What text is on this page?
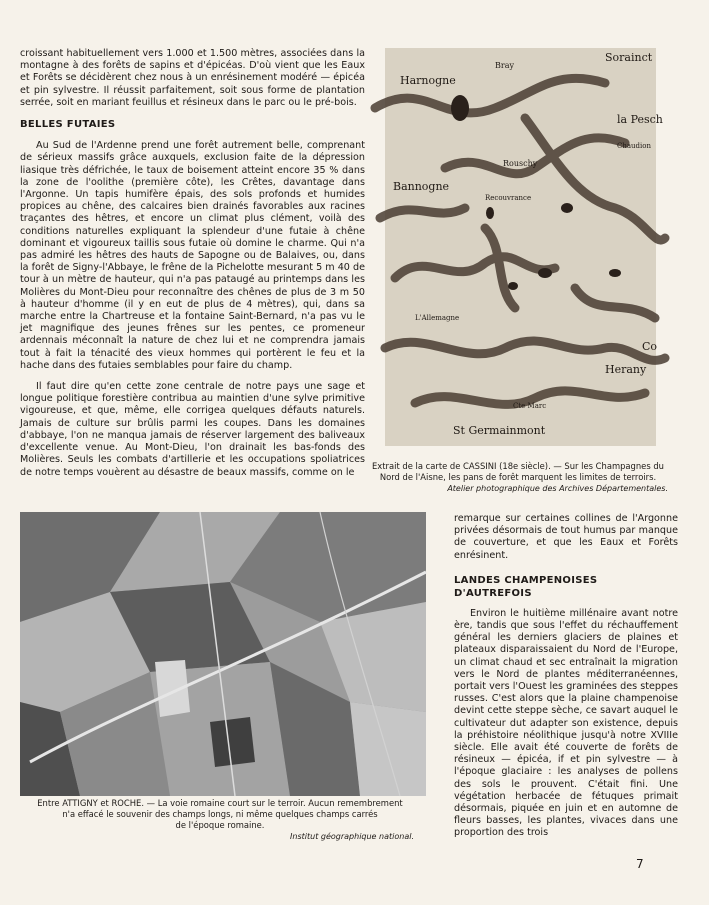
croissant habituellement vers 1.000 et 1.500 mètres, associées dans la montagne à des forêts de sapins et d'épicéas. D'où vient que les Eaux et Forêts se décidèrent chez nous à un enrésinement modéré — épicéa et pin sylvestre. Il réussit parfaitement, soit sous forme de plantation serrée, soit en mariant feuillus et résineux dans le parc ou le pré-bois.

BELLES FUTAIES

Au Sud de l'Ardenne prend une forêt autrement belle, comprenant de sérieux massifs grâce auxquels, exclusion faite de la dépression liasique très défrichée, le taux de boisement atteint encore 35 % dans la zone de l'oolithe (première côte), les Crêtes, davantage dans l'Argonne. Un tapis humifère épais, des sols profonds et humides propices au chêne, des calcaires bien drainés favorables aux racines traçantes des hêtres, et encore un climat plus clément, voilà des conditions naturelles expliquant la splendeur d'une futaie à chêne dominant et vigoureux taillis sous futaie où domine le charme. Qui n'a pas admiré les hêtres des hauts de Sapogne ou de Balaives, ou, dans la forêt de Signy-l'Abbaye, le frêne de la Pichelotte mesurant 5 m 40 de tour à un mètre de hauteur, qui n'a pas pataugé au printemps dans les Molières du Mont-Dieu pour reconnaître des chênes de plus de 3 m 50 à hauteur d'homme (il y en eut de plus de 4 mètres), qui, dans sa marche entre la Chartreuse et la fontaine Saint-Bernard, n'a pas vu le jet magnifique des jeunes frênes sur les pentes, ce promeneur ardennais méconnaît la nature de chez lui et ne comprendra jamais tout à fait la ténacité des vieux hommes qui portèrent le feu et la hache dans des futaies semblables pour faire du champ.

Il faut dire qu'en cette zone centrale de notre pays une sage et longue politique forestière contribua au maintien d'une sylve primitive vigoureuse, et que, même, elle corrigea quelques défauts naturels. Jamais de culture sur brûlis parmi les coupes. Dans les domaines d'abbaye, l'on ne manqua jamais de réserver largement des baliveaux d'excellente venue. Au Mont-Dieu, l'on drainait les bas-fonds des Molières. Seuls les combats d'artillerie et les occupations spoliatrices de notre temps vouèrent au désastre de beaux massifs, comme on le

Sorainct
Harnogne
Bray
la Pesch
Chaudion
Bannogne
Recouvrance
Rouschy
L'Allemagne
Co
Herany
Cte Marc
St Germainmont
Extrait de la carte de CASSINI (18e siècle). — Sur les Champagnes du Nord de l'Aisne, les pans de forêt marquent les limites de terroirs.
Atelier photographique des Archives Départementales.
Entre ATTIGNY et ROCHE. — La voie romaine court sur le terroir. Aucun remembrement
n'a effacé le souvenir des champs longs, ni même quelques champs carrés
de l'époque romaine.
Institut géographique national.

remarque sur certaines collines de l'Argonne privées désormais de tout humus par manque de couverture, et que les Eaux et Forêts enrésinent.

LANDES CHAMPENOISES
D'AUTREFOIS

Environ le huitième millénaire avant notre ère, tandis que sous l'effet du réchauffement général les derniers glaciers de plaines et plateaux disparaissaient du Nord de l'Europe, un climat chaud et sec entraînait la migration vers le Nord de plantes méditerranéennes, portait vers l'Ouest les graminées des steppes russes. C'est alors que la plaine champenoise devint cette steppe sèche, ce savart auquel le cultivateur dut adapter son existence, depuis la préhistoire néolithique jusqu'à notre XVIIIe siècle. Elle avait été couverte de forêts de résineux — épicéa, if et pin sylvestre — à l'époque glaciaire : les analyses de pollens des sols le prouvent. C'était fini. Une végétation herbacée de fétuques primait désormais, piquée en juin et en automne de fleurs basses, les plantes, vivaces dans une proportion des trois

7
